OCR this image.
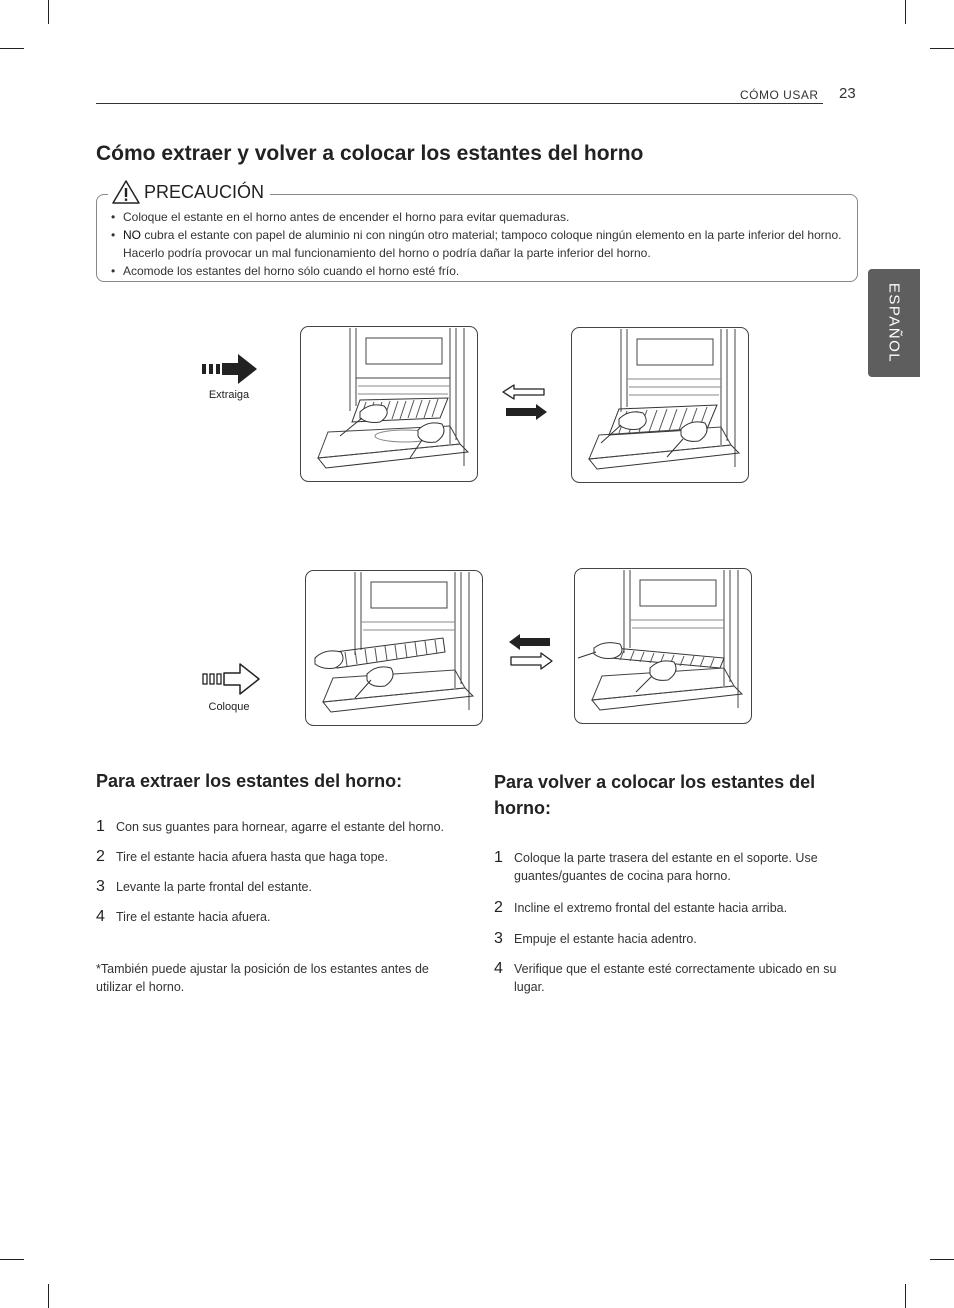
CÓMO USAR 23
ESPAÑOL
Cómo extraer y volver a colocar los estantes del horno
PRECAUCIÓN
• Coloque el estante en el horno antes de encender el horno para evitar quemaduras.
• NO cubra el estante con papel de aluminio ni con ningún otro material; tampoco coloque ningún elemento en la parte inferior del horno. Hacerlo podría provocar un mal funcionamiento del horno o podría dañar la parte inferior del horno.
• Acomode los estantes del horno sólo cuando el horno esté frío.
Extraiga
Coloque
Para extraer los estantes del horno:
1 Con sus guantes para hornear, agarre el estante del horno.
2 Tire el estante hacia afuera hasta que haga tope.
3 Levante la parte frontal del estante.
4 Tire el estante hacia afuera.
*También puede ajustar la posición de los estantes antes de utilizar el horno.
Para volver a colocar los estantes del horno:
1 Coloque la parte trasera del estante en el soporte. Use guantes/guantes de cocina para horno.
2 Incline el extremo frontal del estante hacia arriba.
3 Empuje el estante hacia adentro.
4 Verifique que el estante esté correctamente ubicado en su lugar.
